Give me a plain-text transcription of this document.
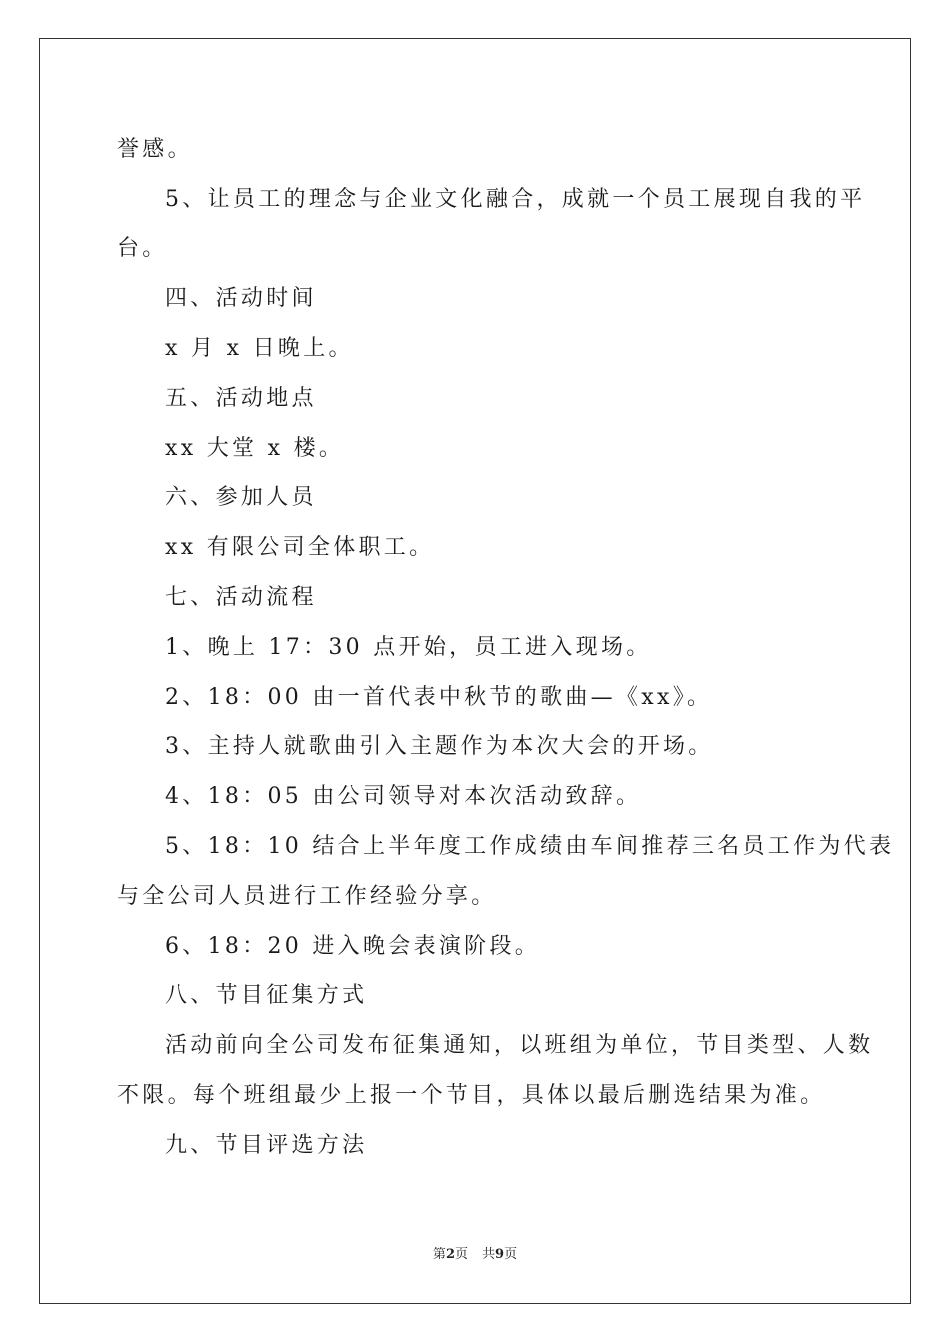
誉感。
5、让员工的理念与企业文化融合，成就一个员工展现自我的平
台。
四、活动时间
x 月 x 日晚上。
五、活动地点
xx 大堂 x 楼。
六、参加人员
xx 有限公司全体职工。
七、活动流程
1、晚上 17：30 点开始，员工进入现场。
2、18：00 由一首代表中秋节的歌曲—《xx》。
3、主持人就歌曲引入主题作为本次大会的开场。
4、18：05 由公司领导对本次活动致辞。
5、18：10 结合上半年度工作成绩由车间推荐三名员工作为代表
与全公司人员进行工作经验分享。
6、18：20 进入晚会表演阶段。
八、节目征集方式
活动前向全公司发布征集通知，以班组为单位，节目类型、人数
不限。每个班组最少上报一个节目，具体以最后删选结果为准。
九、节目评选方法
第2页 共9页
